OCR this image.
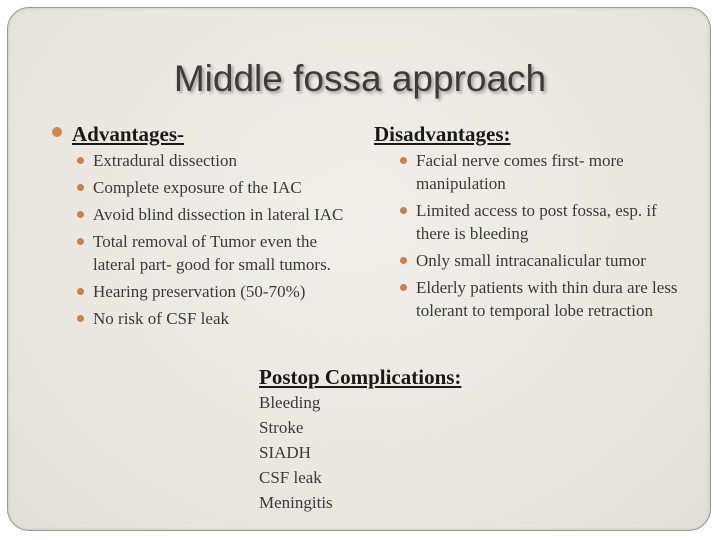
Middle fossa approach
Advantages-
Extradural dissection
Complete exposure of the IAC
Avoid blind dissection in lateral IAC
Total removal of Tumor even the lateral part- good for small tumors.
Hearing preservation (50-70%)
No risk of CSF leak
Disadvantages:
Facial nerve comes first- more manipulation
Limited access to post fossa, esp. if there is bleeding
Only small intracanalicular tumor
Elderly patients with thin dura are less tolerant to temporal lobe retraction
Postop Complications:
Bleeding
Stroke
SIADH
CSF leak
Meningitis
